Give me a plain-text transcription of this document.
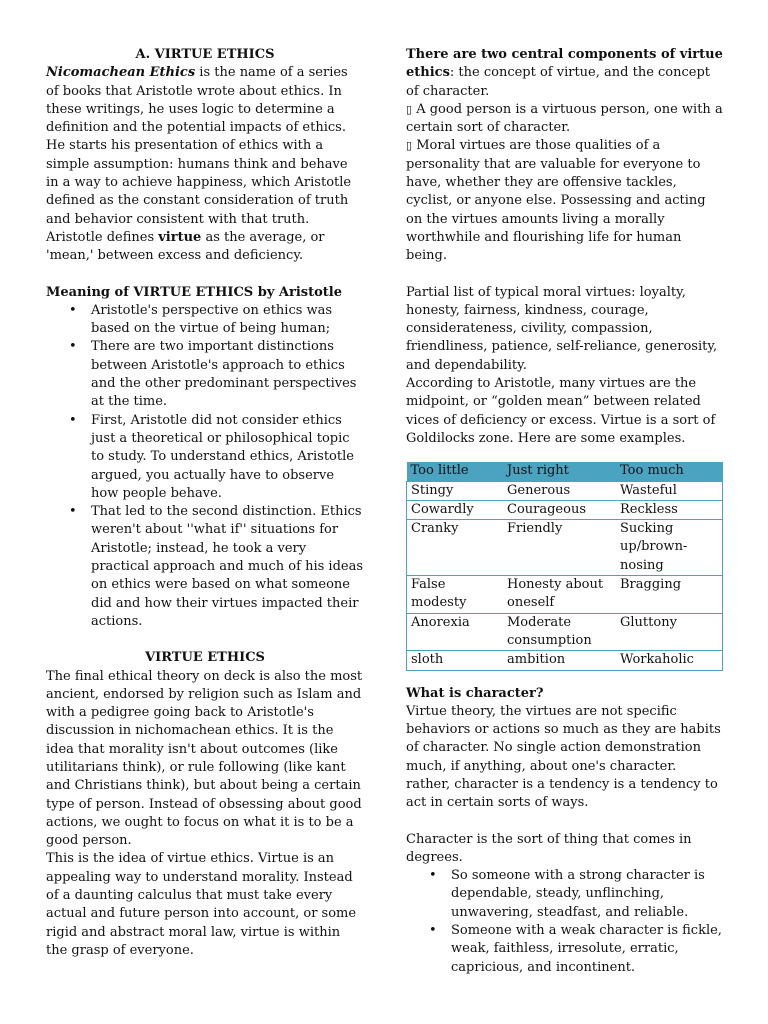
A. VIRTUE ETHICS

Nicomachean Ethics is the name of a series of books that Aristotle wrote about ethics. In these writings, he uses logic to determine a definition and the potential impacts of ethics. He starts his presentation of ethics with a simple assumption: humans think and behave in a way to achieve happiness, which Aristotle defined as the constant consideration of truth and behavior consistent with that truth.

Aristotle defines virtue as the average, or 'mean,' between excess and deficiency.

Meaning of VIRTUE ETHICS by Aristotle

• Aristotle's perspective on ethics was based on the virtue of being human;
• There are two important distinctions between Aristotle's approach to ethics and the other predominant perspectives at the time.
• First, Aristotle did not consider ethics just a theoretical or philosophical topic to study. To understand ethics, Aristotle argued, you actually have to observe how people behave.
• That led to the second distinction. Ethics weren't about ''what if'' situations for Aristotle; instead, he took a very practical approach and much of his ideas on ethics were based on what someone did and how their virtues impacted their actions.

VIRTUE ETHICS

The final ethical theory on deck is also the most ancient, endorsed by religion such as Islam and with a pedigree going back to Aristotle's discussion in nichomachean ethics. It is the idea that morality isn't about outcomes (like utilitarians think), or rule following (like kant and Christians think), but about being a certain type of person. Instead of obsessing about good actions, we ought to focus on what it is to be a good person.

This is the idea of virtue ethics. Virtue is an appealing way to understand morality. Instead of a daunting calculus that must take every actual and future person into account, or some rigid and abstract moral law, virtue is within the grasp of everyone.

There are two central components of virtue ethics: the concept of virtue, and the concept of character.

▯ A good person is a virtuous person, one with a certain sort of character.

▯ Moral virtues are those qualities of a personality that are valuable for everyone to have, whether they are offensive tackles, cyclist, or anyone else. Possessing and acting on the virtues amounts living a morally worthwhile and flourishing life for human being.

Partial list of typical moral virtues: loyalty, honesty, fairness, kindness, courage, considerateness, civility, compassion, friendliness, patience, self-reliance, generosity, and dependability.

According to Aristotle, many virtues are the midpoint, or “golden mean” between related vices of deficiency or excess. Virtue is a sort of Goldilocks zone. Here are some examples.

Too little	Just right	Too much
Stingy	Generous	Wasteful
Cowardly	Courageous	Reckless
Cranky	Friendly	Sucking up/brown-nosing
False modesty	Honesty about oneself	Bragging
Anorexia	Moderate consumption	Gluttony
sloth	ambition	Workaholic

What is character?

Virtue theory, the virtues are not specific behaviors or actions so much as they are habits of character. No single action demonstration much, if anything, about one's character. rather, character is a tendency is a tendency to act in certain sorts of ways.

Character is the sort of thing that comes in degrees.

• So someone with a strong character is dependable, steady, unflinching, unwavering, steadfast, and reliable.
• Someone with a weak character is fickle, weak, faithless, irresolute, erratic, capricious, and incontinent.
